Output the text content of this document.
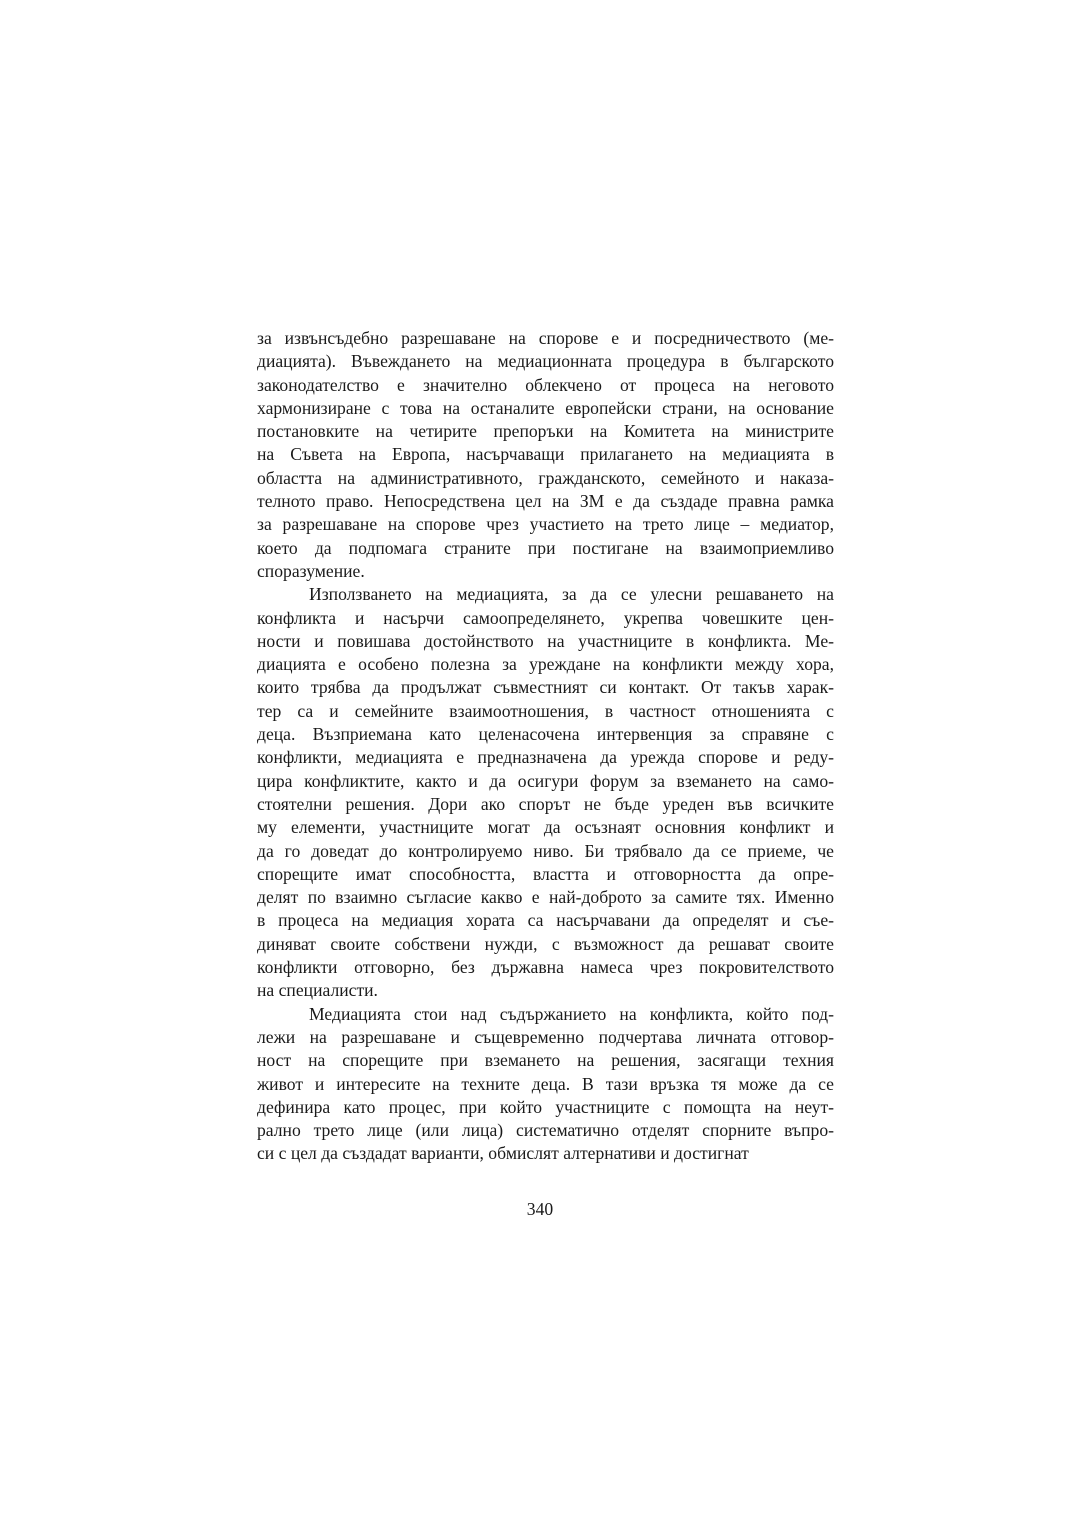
за извънсъдебно разрешаване на спорове е и посредничеството (ме-
диацията). Въвеждането на медиационната процедура в българското
законодателство е значително облекчено от процеса на неговото
хармонизиране с това на останалите европейски страни, на основание
постановките на четирите препоръки на Комитета на министрите
на Съвета на Европа, насърчаващи прилагането на медиацията в
областта на административното, гражданското, семейното и наказа-
телното право. Непосредствена цел на ЗМ е да създаде правна рамка
за разрешаване на спорове чрез участието на трето лице – медиатор,
което да подпомага страните при постигане на взаимоприемливо
споразумение.
Използването на медиацията, за да се улесни решаването на
конфликта и насърчи самоопределянето, укрепва човешките цен-
ности и повишава достойнството на участниците в конфликта. Ме-
диацията е особено полезна за уреждане на конфликти между хора,
които трябва да продължат съвместният си контакт. От такъв харак-
тер са и семейните взаимоотношения, в частност отношенията с
деца. Възприемана като целенасочена интервенция за справяне с
конфликти, медиацията е предназначена да урежда спорове и реду-
цира конфликтите, както и да осигури форум за вземането на само-
стоятелни решения. Дори ако спорът не бъде уреден във всичките
му елементи, участниците могат да осъзнаят основния конфликт и
да го доведат до контролируемо ниво. Би трябвало да се приеме, че
спорещите имат способността, властта и отговорността да опре-
делят по взаимно съгласие какво е най-доброто за самите тях. Именно
в процеса на медиация хората са насърчавани да определят и съе-
диняват своите собствени нужди, с възможност да решават своите
конфликти отговорно, без държавна намеса чрез покровителството
на специалисти.
Медиацията стои над съдържанието на конфликта, който под-
лежи на разрешаване и същевременно подчертава личната отговор-
ност на спорещите при вземането на решения, засягащи техния
живот и интересите на техните деца. В тази връзка тя може да се
дефинира като процес, при който участниците с помощта на неут-
рално трето лице (или лица) систематично отделят спорните въпро-
си с цел да създадат варианти, обмислят алтернативи и достигнат
340
